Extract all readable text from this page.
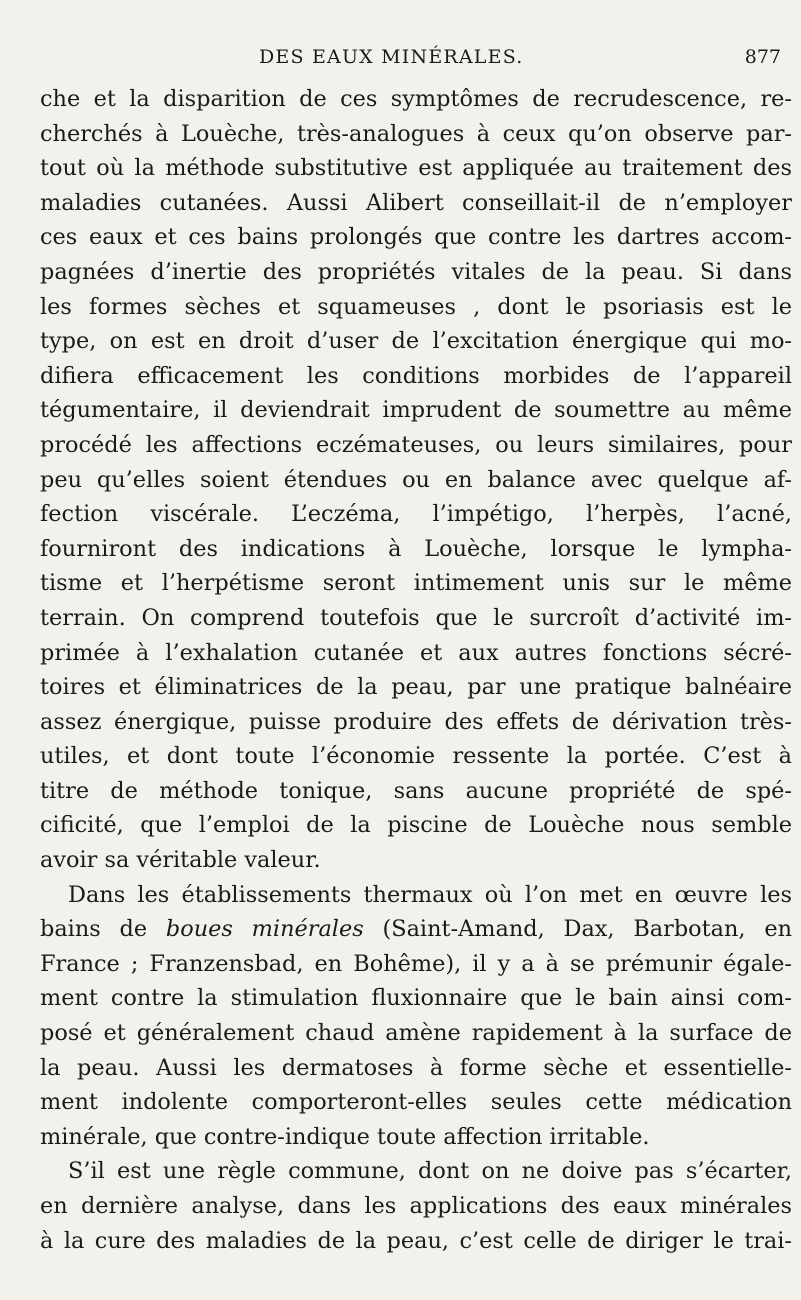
DES EAUX MINÉRALES.	877
che et la disparition de ces symptômes de recrudescence, re-
cherchés à Louèche, très-analogues à ceux qu’on observe par-
tout où la méthode substitutive est appliquée au traitement des
maladies cutanées. Aussi Alibert conseillait-il de n’employer
ces eaux et ces bains prolongés que contre les dartres accom-
pagnées d’inertie des propriétés vitales de la peau. Si dans
les formes sèches et squameuses , dont le psoriasis est le
type, on est en droit d’user de l’excitation énergique qui mo-
difiera efficacement les conditions morbides de l’appareil
tégumentaire, il deviendrait imprudent de soumettre au même
procédé les affections eczémateuses, ou leurs similaires, pour
peu qu’elles soient étendues ou en balance avec quelque af-
fection viscérale. L’eczéma, l’impétigo, l’herpès, l’acné,
fourniront des indications à Louèche, lorsque le lympha-
tisme et l’herpétisme seront intimement unis sur le même
terrain. On comprend toutefois que le surcroît d’activité im-
primée à l’exhalation cutanée et aux autres fonctions sécré-
toires et éliminatrices de la peau, par une pratique balnéaire
assez énergique, puisse produire des effets de dérivation très-
utiles, et dont toute l’économie ressente la portée. C’est à
titre de méthode tonique, sans aucune propriété de spé-
cificité, que l’emploi de la piscine de Louèche nous semble
avoir sa véritable valeur.
Dans les établissements thermaux où l’on met en œuvre les
bains de boues minérales (Saint-Amand, Dax, Barbotan, en
France ; Franzensbad, en Bohême), il y a à se prémunir égale-
ment contre la stimulation fluxionnaire que le bain ainsi com-
posé et généralement chaud amène rapidement à la surface de
la peau. Aussi les dermatoses à forme sèche et essentielle-
ment indolente comporteront-elles seules cette médication
minérale, que contre-indique toute affection irritable.
S’il est une règle commune, dont on ne doive pas s’écarter,
en dernière analyse, dans les applications des eaux minérales
à la cure des maladies de la peau, c’est celle de diriger le trai-
